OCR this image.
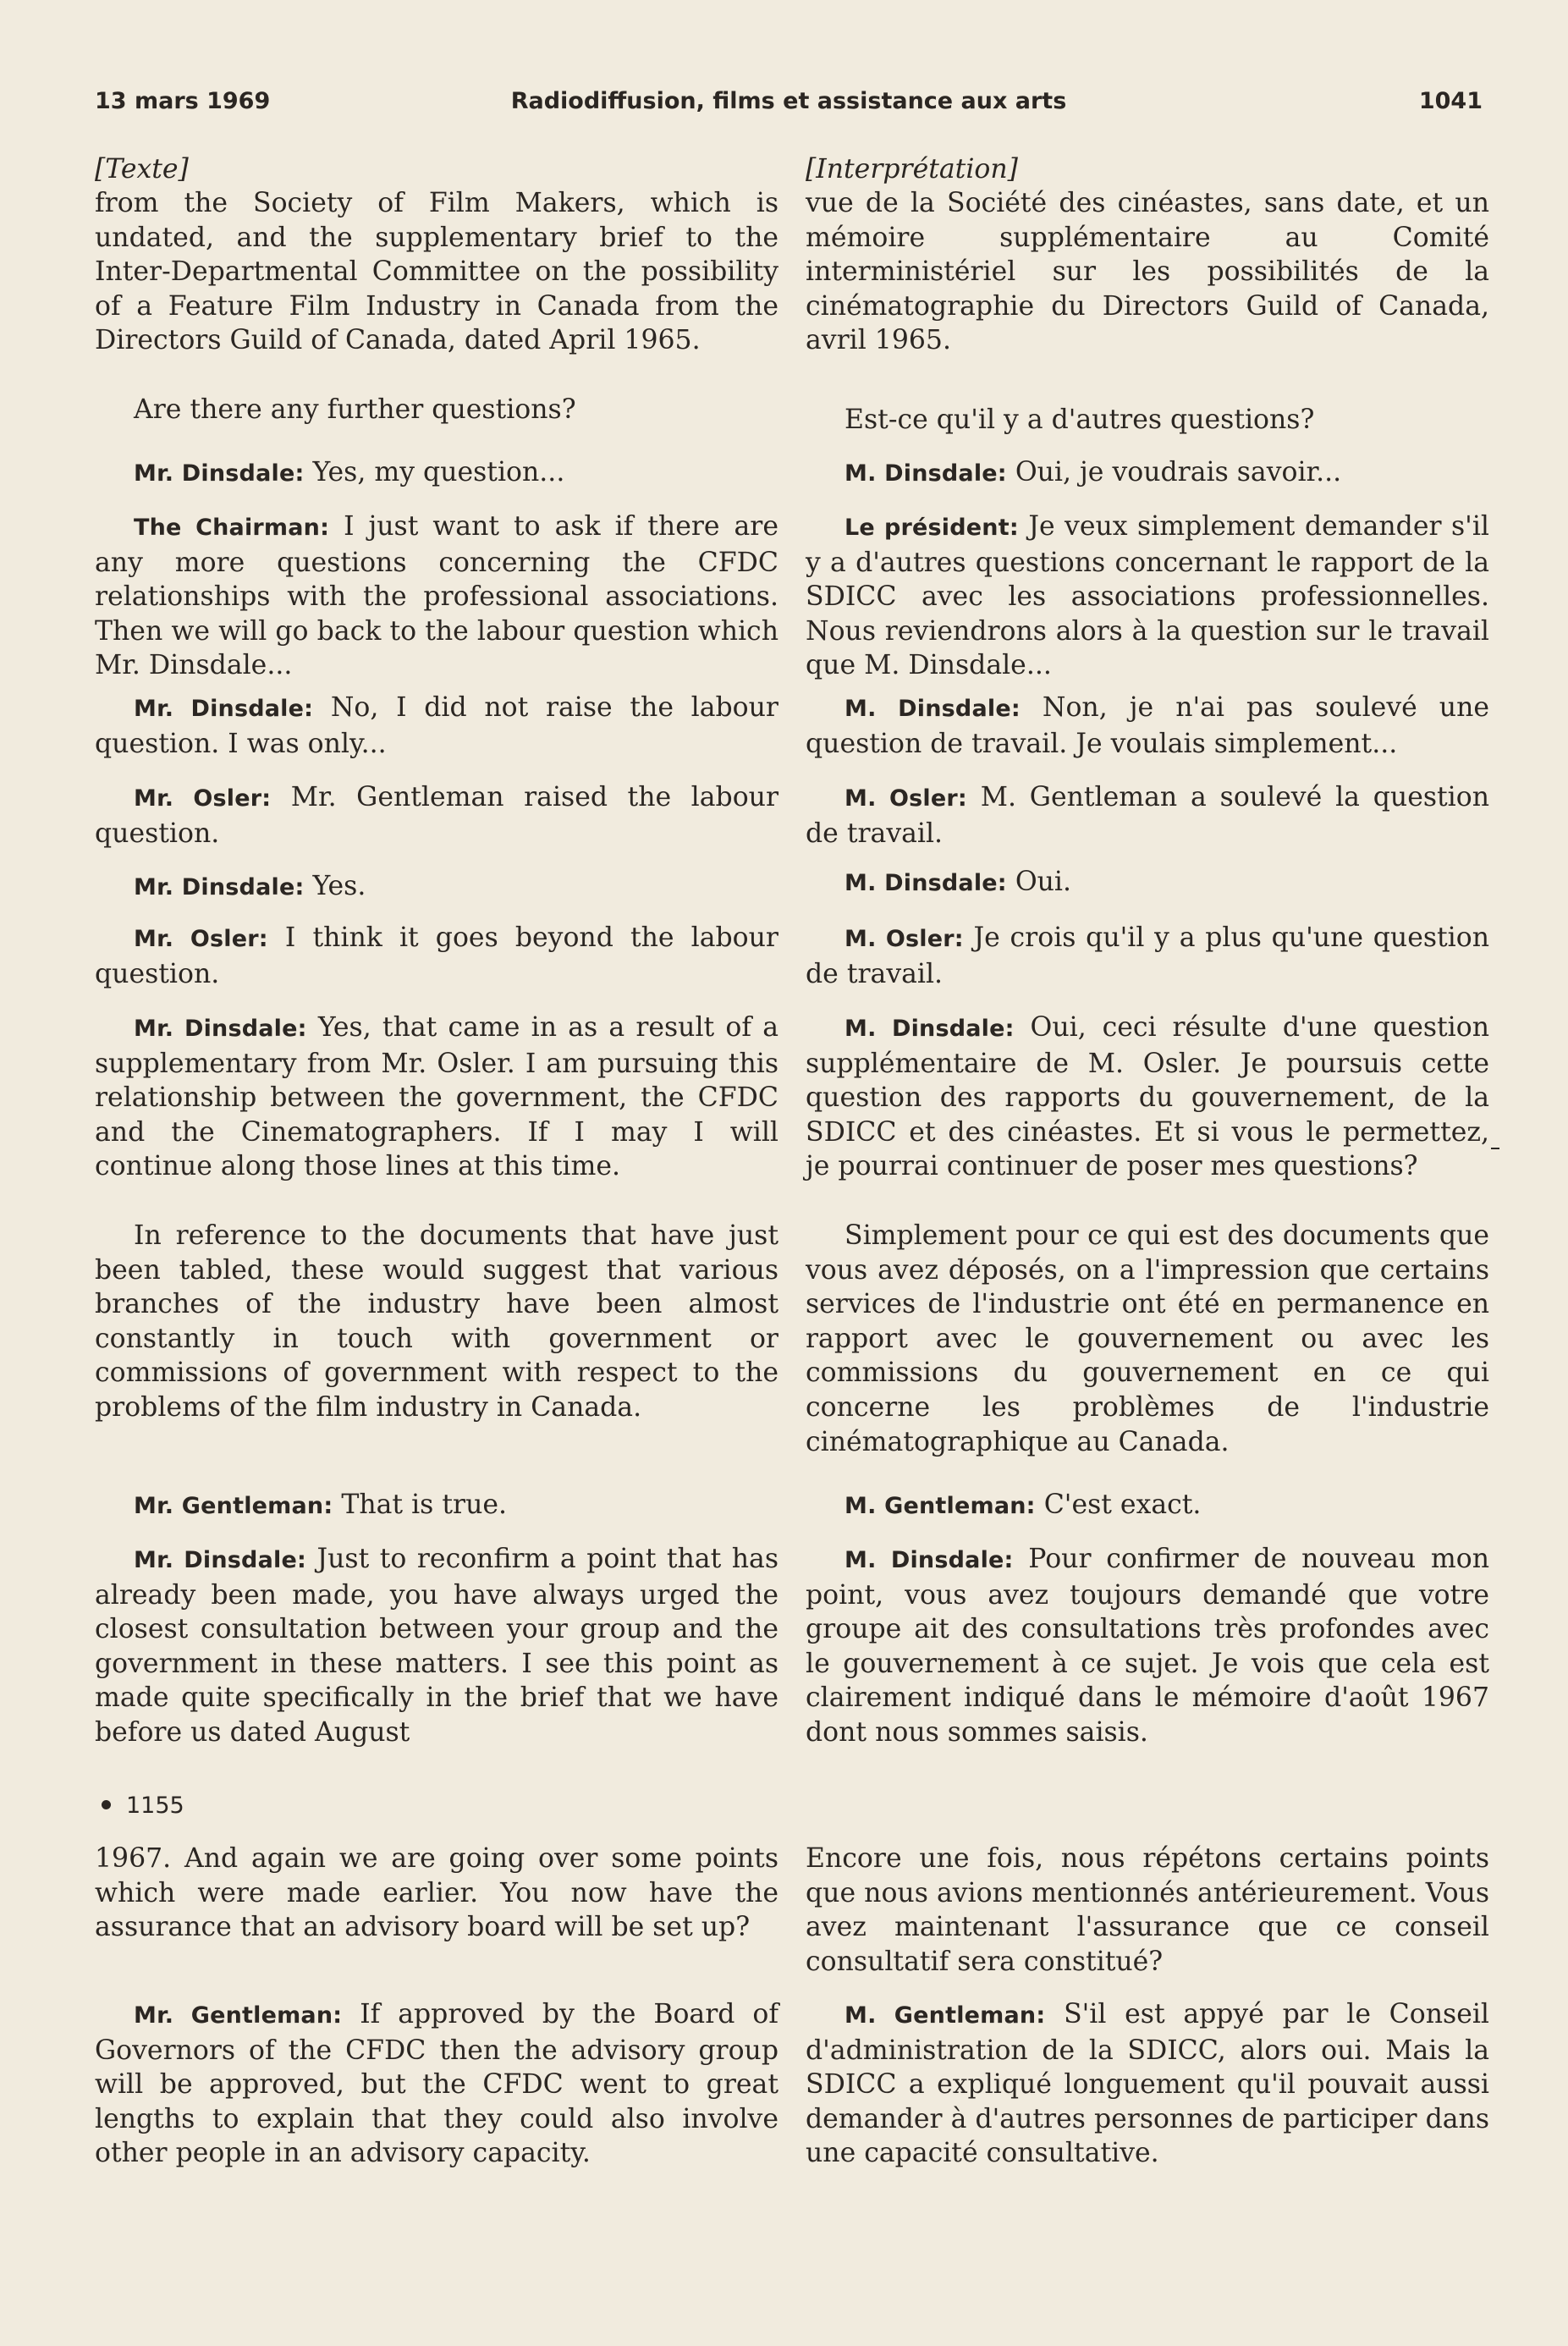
13 mars 1969	Radiodiffusion, films et assistance aux arts	1041

[Texte]

from the Society of Film Makers, which is undated, and the supplementary brief to the Inter-Departmental Committee on the possibility of a Feature Film Industry in Canada from the Directors Guild of Canada, dated April 1965.

Are there any further questions?

Mr. Dinsdale: Yes, my question...

The Chairman: I just want to ask if there are any more questions concerning the CFDC relationships with the professional associations. Then we will go back to the labour question which Mr. Dinsdale...

Mr. Dinsdale: No, I did not raise the labour question. I was only...

Mr. Osler: Mr. Gentleman raised the labour question.

Mr. Dinsdale: Yes.

Mr. Osler: I think it goes beyond the labour question.

Mr. Dinsdale: Yes, that came in as a result of a supplementary from Mr. Osler. I am pursuing this relationship between the government, the CFDC and the Cinematographers. If I may I will continue along those lines at this time.

In reference to the documents that have just been tabled, these would suggest that various branches of the industry have been almost constantly in touch with government or commissions of government with respect to the problems of the film industry in Canada.

Mr. Gentleman: That is true.

Mr. Dinsdale: Just to reconfirm a point that has already been made, you have always urged the closest consultation between your group and the government in these matters. I see this point as made quite specifically in the brief that we have before us dated August

1155

1967. And again we are going over some points which were made earlier. You now have the assurance that an advisory board will be set up?

Mr. Gentleman: If approved by the Board of Governors of the CFDC then the advisory group will be approved, but the CFDC went to great lengths to explain that they could also involve other people in an advisory capacity.

[Interprétation]

vue de la Société des cinéastes, sans date, et un mémoire supplémentaire au Comité interministériel sur les possibilités de la cinématographie du Directors Guild of Canada, avril 1965.

Est-ce qu'il y a d'autres questions?

M. Dinsdale: Oui, je voudrais savoir...

Le président: Je veux simplement demander s'il y a d'autres questions concernant le rapport de la SDICC avec les associations professionnelles. Nous reviendrons alors à la question sur le travail que M. Dinsdale...

M. Dinsdale: Non, je n'ai pas soulevé une question de travail. Je voulais simplement...

M. Osler: M. Gentleman a soulevé la question de travail.

M. Dinsdale: Oui.

M. Osler: Je crois qu'il y a plus qu'une question de travail.

M. Dinsdale: Oui, ceci résulte d'une question supplémentaire de M. Osler. Je poursuis cette question des rapports du gouvernement, de la SDICC et des cinéastes. Et si vous le permettez, je pourrai continuer de poser mes questions?

Simplement pour ce qui est des documents que vous avez déposés, on a l'impression que certains services de l'industrie ont été en permanence en rapport avec le gouvernement ou avec les commissions du gouvernement en ce qui concerne les problèmes de l'industrie cinématographique au Canada.

M. Gentleman: C'est exact.

M. Dinsdale: Pour confirmer de nouveau mon point, vous avez toujours demandé que votre groupe ait des consultations très profondes avec le gouvernement à ce sujet. Je vois que cela est clairement indiqué dans le mémoire d'août 1967 dont nous sommes saisis.

Encore une fois, nous répétons certains points que nous avions mentionnés antérieurement. Vous avez maintenant l'assurance que ce conseil consultatif sera constitué?

M. Gentleman: S'il est appyé par le Conseil d'administration de la SDICC, alors oui. Mais la SDICC a expliqué longuement qu'il pouvait aussi demander à d'autres personnes de participer dans une capacité consultative.
